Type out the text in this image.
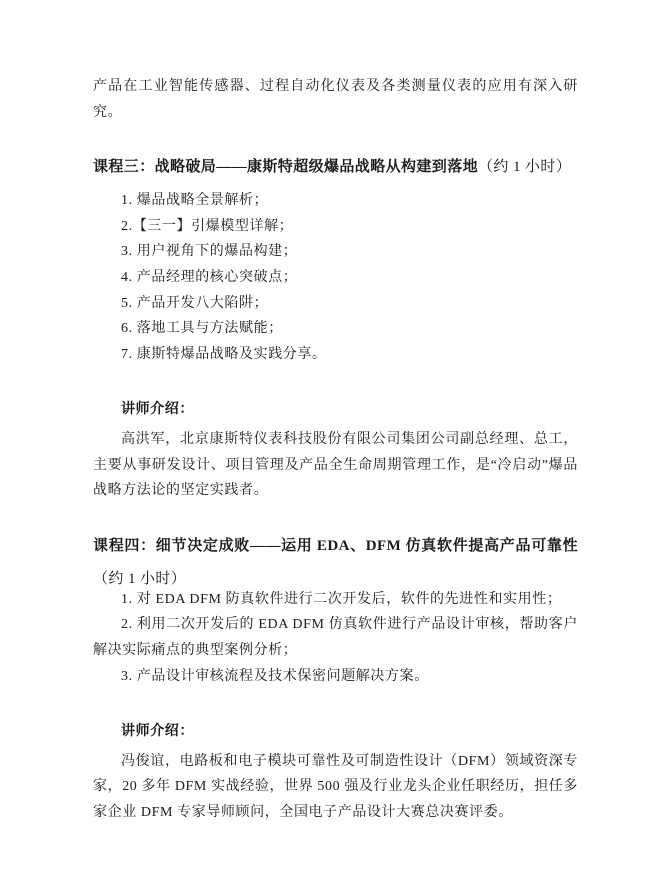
产品在工业智能传感器、过程自动化仪表及各类测量仪表的应用有深入研究。

课程三：战略破局——康斯特超级爆品战略从构建到落地（约 1 小时）

1. 爆品战略全景解析；

2.【三一】引爆模型详解；

3. 用户视角下的爆品构建；

4. 产品经理的核心突破点；

5. 产品开发八大陷阱；

6. 落地工具与方法赋能；

7. 康斯特爆品战略及实践分享。

讲师介绍：

高洪军，北京康斯特仪表科技股份有限公司集团公司副总经理、总工，主要从事研发设计、项目管理及产品全生命周期管理工作，是“冷启动”爆品战略方法论的坚定实践者。

课程四：细节决定成败——运用 EDA、DFM 仿真软件提高产品可靠性（约 1 小时）

1. 对 EDA DFM 防真软件进行二次开发后，软件的先进性和实用性；

2. 利用二次开发后的 EDA DFM 仿真软件进行产品设计审核，帮助客户解决实际痛点的典型案例分析；

3. 产品设计审核流程及技术保密问题解决方案。

讲师介绍：

冯俊谊，电路板和电子模块可靠性及可制造性设计（DFM）领域资深专家，20 多年 DFM 实战经验，世界 500 强及行业龙头企业任职经历，担任多家企业 DFM 专家导师顾问，全国电子产品设计大赛总决赛评委。
